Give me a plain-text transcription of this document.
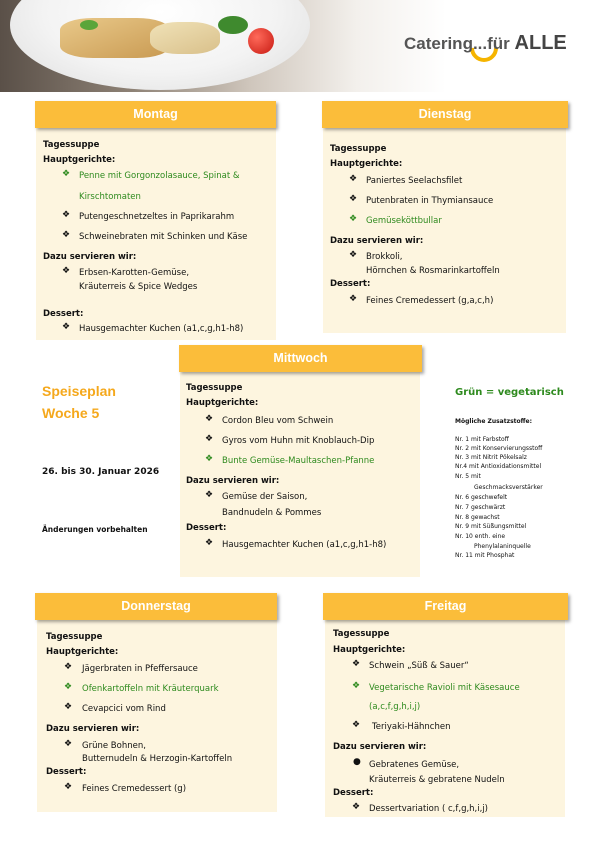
Catering...für ALLE
Montag
Tagessuppe
Hauptgerichte:
❖ Penne mit Gorgonzolasauce, Spinat &
Kirschtomaten
❖ Putengeschnetzeltes in Paprikarahm
❖ Schweinebraten mit Schinken und Käse
Dazu servieren wir:
❖ Erbsen-Karotten-Gemüse,
Kräuterreis & Spice Wedges
Dessert:
❖ Hausgemachter Kuchen (a1,c,g,h1-h8)
Dienstag
Tagessuppe
Hauptgerichte:
❖ Paniertes Seelachsfilet
❖ Putenbraten in Thymiansauce
❖ Gemüseköttbullar
Dazu servieren wir:
❖ Brokkoli,
Hörnchen & Rosmarinkartoffeln
Dessert:
❖ Feines Cremedessert (g,a,c,h)
Mittwoch
Tagessuppe
Hauptgerichte:
❖ Cordon Bleu vom Schwein
❖ Gyros vom Huhn mit Knoblauch-Dip
❖ Bunte Gemüse-Maultaschen-Pfanne
Dazu servieren wir:
❖ Gemüse der Saison,
Bandnudeln & Pommes
Dessert:
❖ Hausgemachter Kuchen (a1,c,g,h1-h8)
Speiseplan
Woche 5
26. bis 30. Januar 2026
Änderungen vorbehalten
Grün = vegetarisch
Mögliche Zusatzstoffe:
Nr. 1 mit Farbstoff
Nr. 2 mit Konservierungsstoff
Nr. 3 mit Nitrit Pökelsalz
Nr.4 mit Antioxidationsmittel
Nr. 5 mit
Geschmacksverstärker
Nr. 6 geschwefelt
Nr. 7 geschwärzt
Nr. 8 gewachst
Nr. 9 mit Süßungsmittel
Nr. 10 enth. eine
Phenylalaninquelle
Nr. 11 mit Phosphat
Donnerstag
Tagessuppe
Hauptgerichte:
❖ Jägerbraten in Pfeffersauce
❖ Ofenkartoffeln mit Kräuterquark
❖ Cevapcici vom Rind
Dazu servieren wir:
❖ Grüne Bohnen,
Butternudeln & Herzogin-Kartoffeln
Dessert:
❖ Feines Cremedessert (g)
Freitag
Tagessuppe
Hauptgerichte:
❖ Schwein „Süß & Sauer“
❖ Vegetarische Ravioli mit Käsesauce
(a,c,f,g,h,i,j)
❖ Teriyaki-Hähnchen
Dazu servieren wir:
● Gebratenes Gemüse,
Kräuterreis & gebratene Nudeln
Dessert:
❖ Dessertvariation ( c,f,g,h,i,j)
